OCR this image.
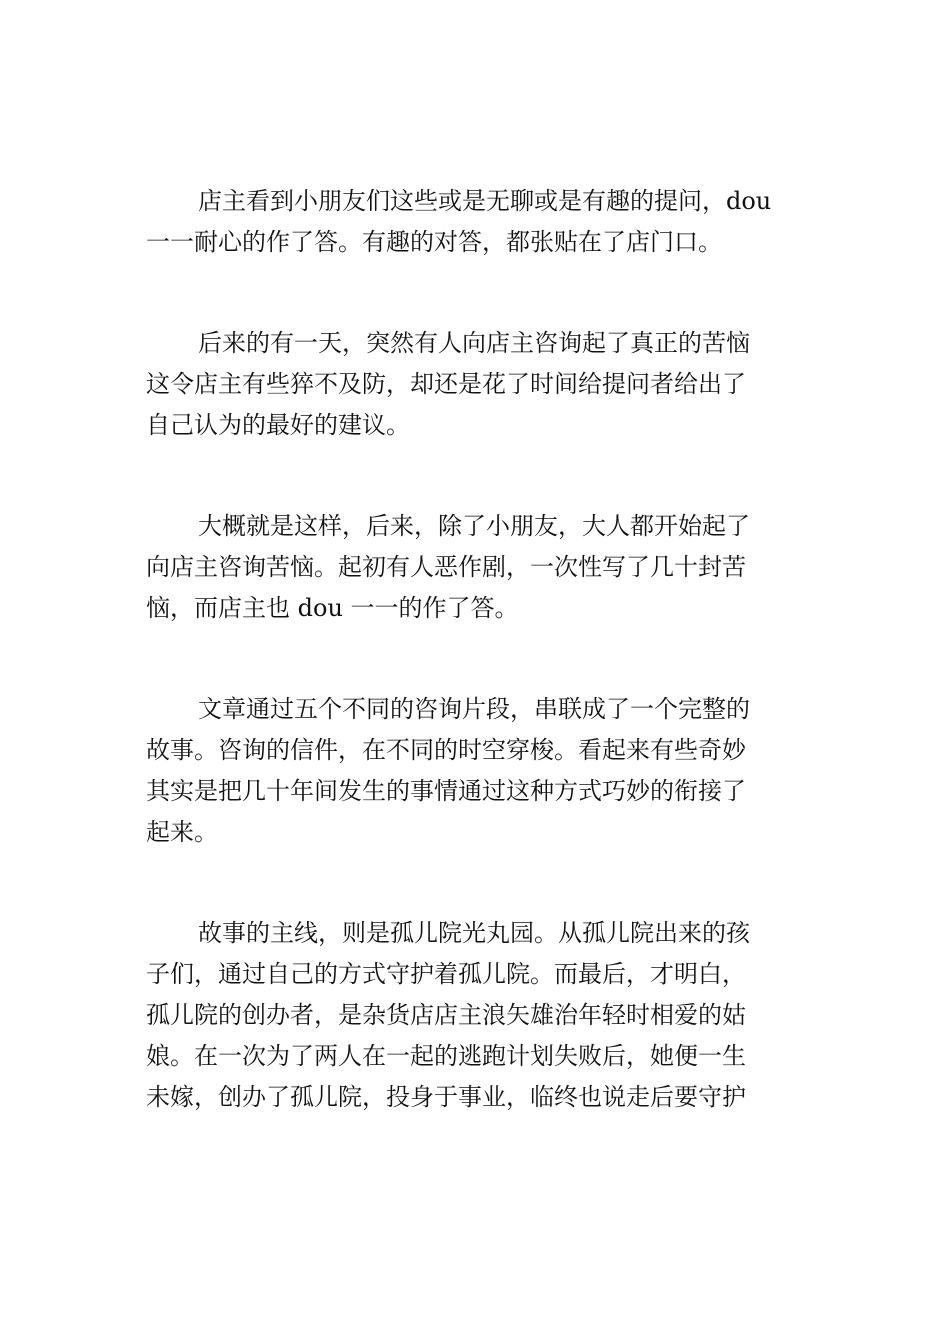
店主看到小朋友们这些或是无聊或是有趣的提问，dou
一一耐心的作了答。有趣的对答，都张贴在了店门口。

后来的有一天，突然有人向店主咨询起了真正的苦恼
这令店主有些猝不及防，却还是花了时间给提问者给出了
自己认为的最好的建议。

大概就是这样，后来，除了小朋友，大人都开始起了
向店主咨询苦恼。起初有人恶作剧，一次性写了几十封苦
恼，而店主也 dou 一一的作了答。

文章通过五个不同的咨询片段，串联成了一个完整的
故事。咨询的信件，在不同的时空穿梭。看起来有些奇妙
其实是把几十年间发生的事情通过这种方式巧妙的衔接了
起来。

故事的主线，则是孤儿院光丸园。从孤儿院出来的孩
子们，通过自己的方式守护着孤儿院。而最后，才明白，
孤儿院的创办者，是杂货店店主浪矢雄治年轻时相爱的姑
娘。在一次为了两人在一起的逃跑计划失败后，她便一生
未嫁，创办了孤儿院，投身于事业，临终也说走后要守护
